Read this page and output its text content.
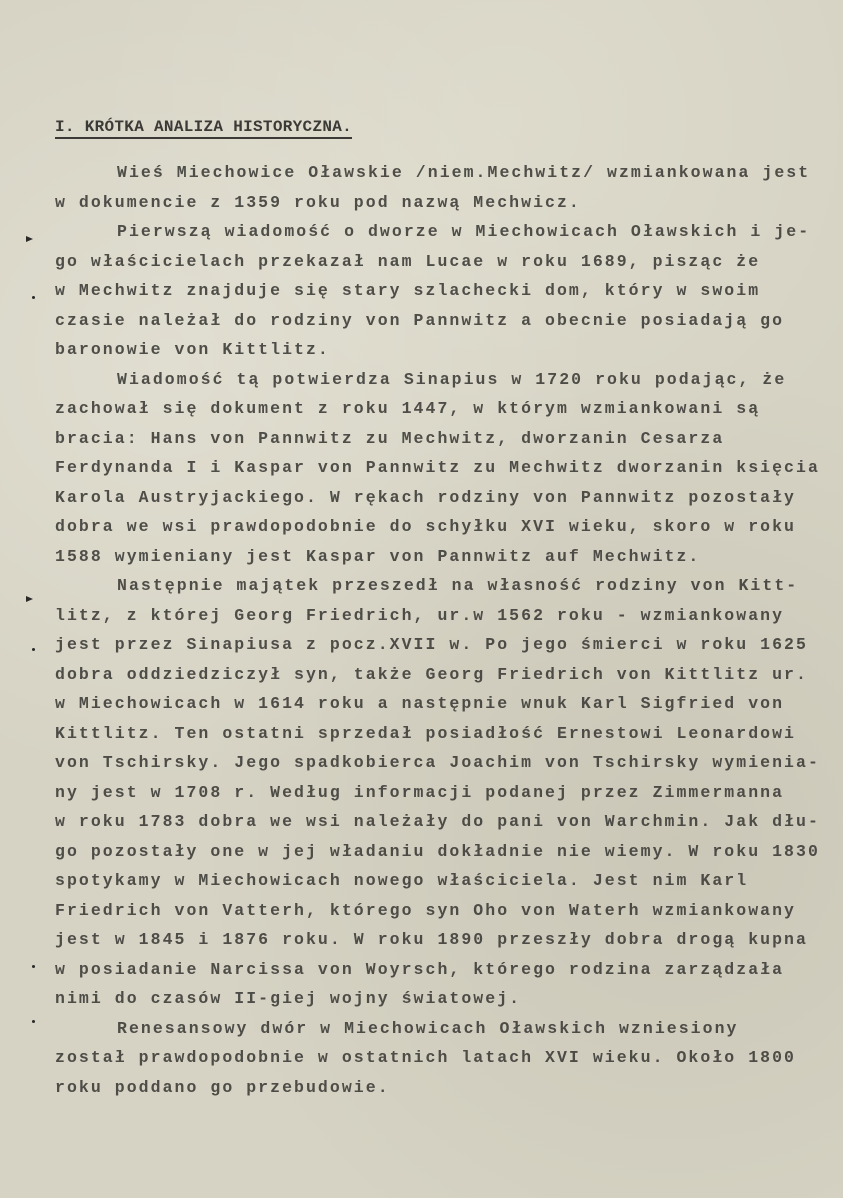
I. KRÓTKA ANALIZA HISTORYCZNA.
Wieś Miechowice Oławskie /niem.Mechwitz/ wzmiankowana jest
w dokumencie z 1359 roku pod nazwą Mechwicz.
Pierwszą wiadomość o dworze w Miechowicach Oławskich i je-
go właścicielach przekazał nam Lucae w roku 1689, pisząc że
w Mechwitz znajduje się stary szlachecki dom, który w swoim
czasie należał do rodziny von Pannwitz a obecnie posiadają go
baronowie von Kittlitz.
Wiadomość tą potwierdza Sinapius w 1720 roku podając, że
zachował się dokument z roku 1447, w którym wzmiankowani są
bracia: Hans von Pannwitz zu Mechwitz, dworzanin Cesarza
Ferdynanda I i Kaspar von Pannwitz zu Mechwitz dworzanin księcia
Karola Austryjackiego. W rękach rodziny von Pannwitz pozostały
dobra we wsi prawdopodobnie do schyłku XVI wieku, skoro w roku
1588 wymieniany jest Kaspar von Pannwitz auf Mechwitz.
Następnie majątek przeszedł na własność rodziny von Kitt-
litz, z której Georg Friedrich, ur.w 1562 roku - wzmiankowany
jest przez Sinapiusa z pocz.XVII w. Po jego śmierci w roku 1625
dobra oddziedziczył syn, także Georg Friedrich von Kittlitz ur.
w Miechowicach w 1614 roku a następnie wnuk Karl Sigfried von
Kittlitz. Ten ostatni sprzedał posiadłość Ernestowi Leonardowi
von Tschirsky. Jego spadkobierca Joachim von Tschirsky wymienia-
ny jest w 1708 r. Według informacji podanej przez Zimmermanna
w roku 1783 dobra we wsi należały do pani von Warchmin. Jak dłu-
go pozostały one w jej władaniu dokładnie nie wiemy. W roku 1830
spotykamy w Miechowicach nowego właściciela. Jest nim Karl
Friedrich von Vatterh, którego syn Oho von Waterh wzmiankowany
jest w 1845 i 1876 roku. W roku 1890 przeszły dobra drogą kupna
w posiadanie Narcissa von Woyrsch, którego rodzina zarządzała
nimi do czasów II-giej wojny światowej.
Renesansowy dwór w Miechowicach Oławskich wzniesiony
został prawdopodobnie w ostatnich latach XVI wieku. Około 1800
roku poddano go przebudowie.
